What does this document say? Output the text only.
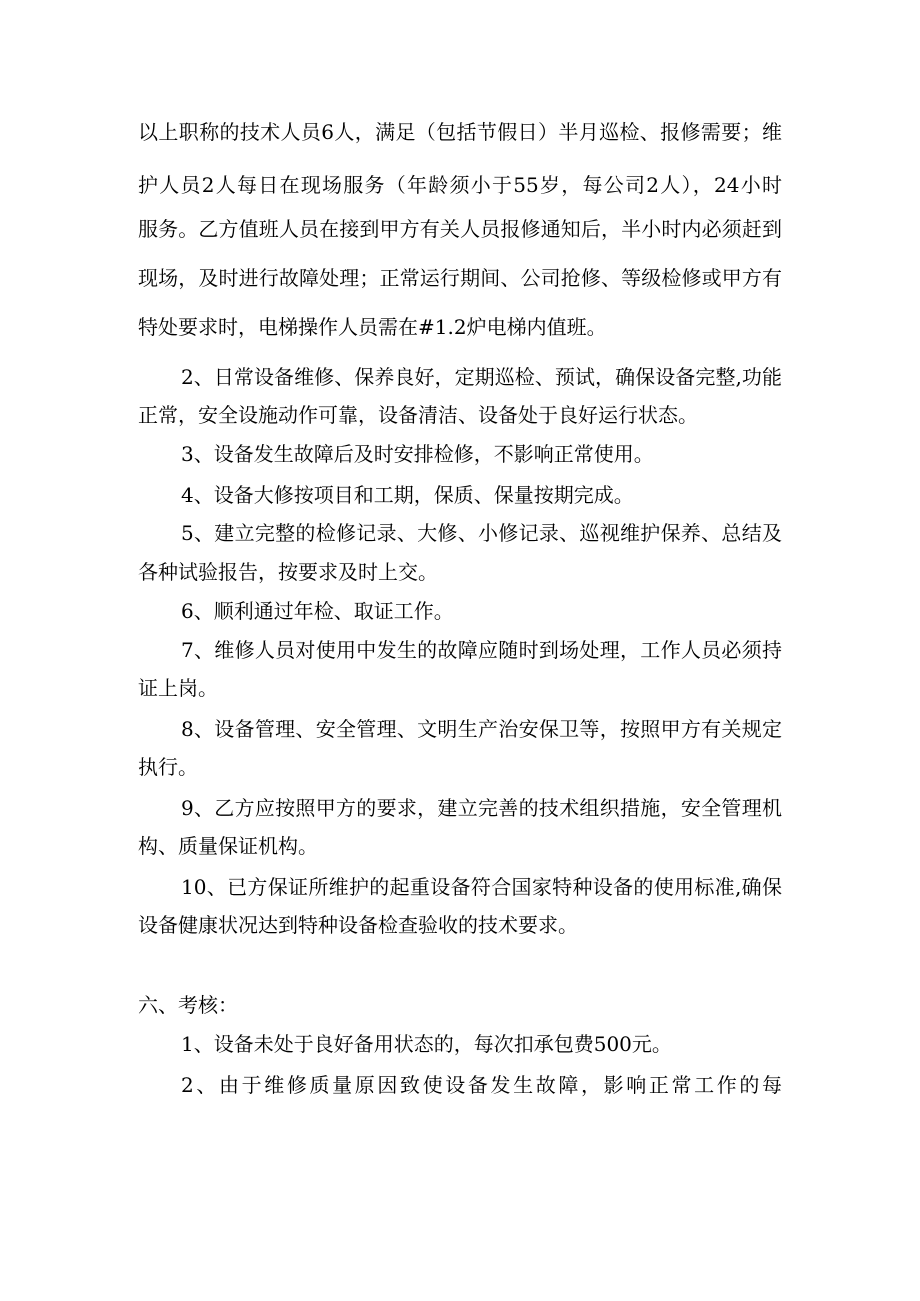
以上职称的技术人员6人，满足（包括节假日）半月巡检、报修需要；维
护人员2人每日在现场服务（年龄须小于55岁，每公司2人），24小时
服务。乙方值班人员在接到甲方有关人员报修通知后，半小时内必须赶到
现场，及时进行故障处理；正常运行期间、公司抢修、等级检修或甲方有
特处要求时，电梯操作人员需在#1.2炉电梯内值班。
2、日常设备维修、保养良好，定期巡检、预试，确保设备完整,功能
正常，安全设施动作可靠，设备清洁、设备处于良好运行状态。
3、设备发生故障后及时安排检修，不影响正常使用。
4、设备大修按项目和工期，保质、保量按期完成。
5、建立完整的检修记录、大修、小修记录、巡视维护保养、总结及
各种试验报告，按要求及时上交。
6、顺利通过年检、取证工作。
7、维修人员对使用中发生的故障应随时到场处理，工作人员必须持
证上岗。
8、设备管理、安全管理、文明生产治安保卫等，按照甲方有关规定
执行。
9、乙方应按照甲方的要求，建立完善的技术组织措施，安全管理机
构、质量保证机构。
10、已方保证所维护的起重设备符合国家特种设备的使用标准,确保
设备健康状况达到特种设备检查验收的技术要求。
六、考核：
1、设备未处于良好备用状态的，每次扣承包费500元。
2、由于维修质量原因致使设备发生故障，影响正常工作的每
